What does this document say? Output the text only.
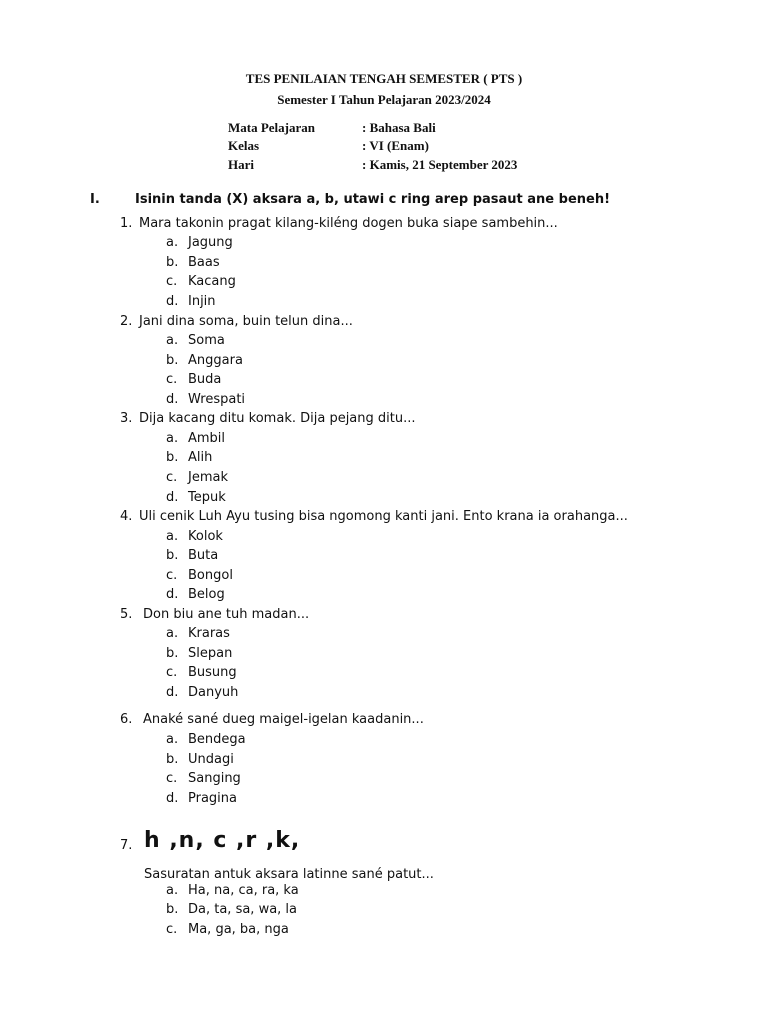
TES PENILAIAN TENGAH SEMESTER ( PTS )
Semester I Tahun Pelajaran 2023/2024
Mata Pelajaran	: Bahasa Bali
Kelas	: VI (Enam)
Hari	: Kamis, 21 September 2023
I.	Isinin tanda (X) aksara a, b, utawi c ring arep pasaut ane beneh!
1. Mara takonin pragat kilang-kiléng dogen buka siape sambehin...
a. Jagung
b. Baas
c. Kacang
d. Injin
2. Jani dina soma, buin telun dina...
a. Soma
b. Anggara
c. Buda
d. Wrespati
3. Dija kacang ditu komak. Dija pejang ditu...
a. Ambil
b. Alih
c. Jemak
d. Tepuk
4. Uli cenik Luh Ayu tusing bisa ngomong kanti jani. Ento krana ia orahanga...
a. Kolok
b. Buta
c. Bongol
d. Belog
5. Don biu ane tuh madan...
a. Kraras
b. Slepan
c. Busung
d. Danyuh
6. Anaké sané dueg maigel-igelan kaadanin...
a. Bendega
b. Undagi
c. Sanging
d. Pragina
7. h ,n, c ,r ,k,
Sasuratan antuk aksara latinne sané patut...
a. Ha, na, ca, ra, ka
b. Da, ta, sa, wa, la
c. Ma, ga, ba, nga
